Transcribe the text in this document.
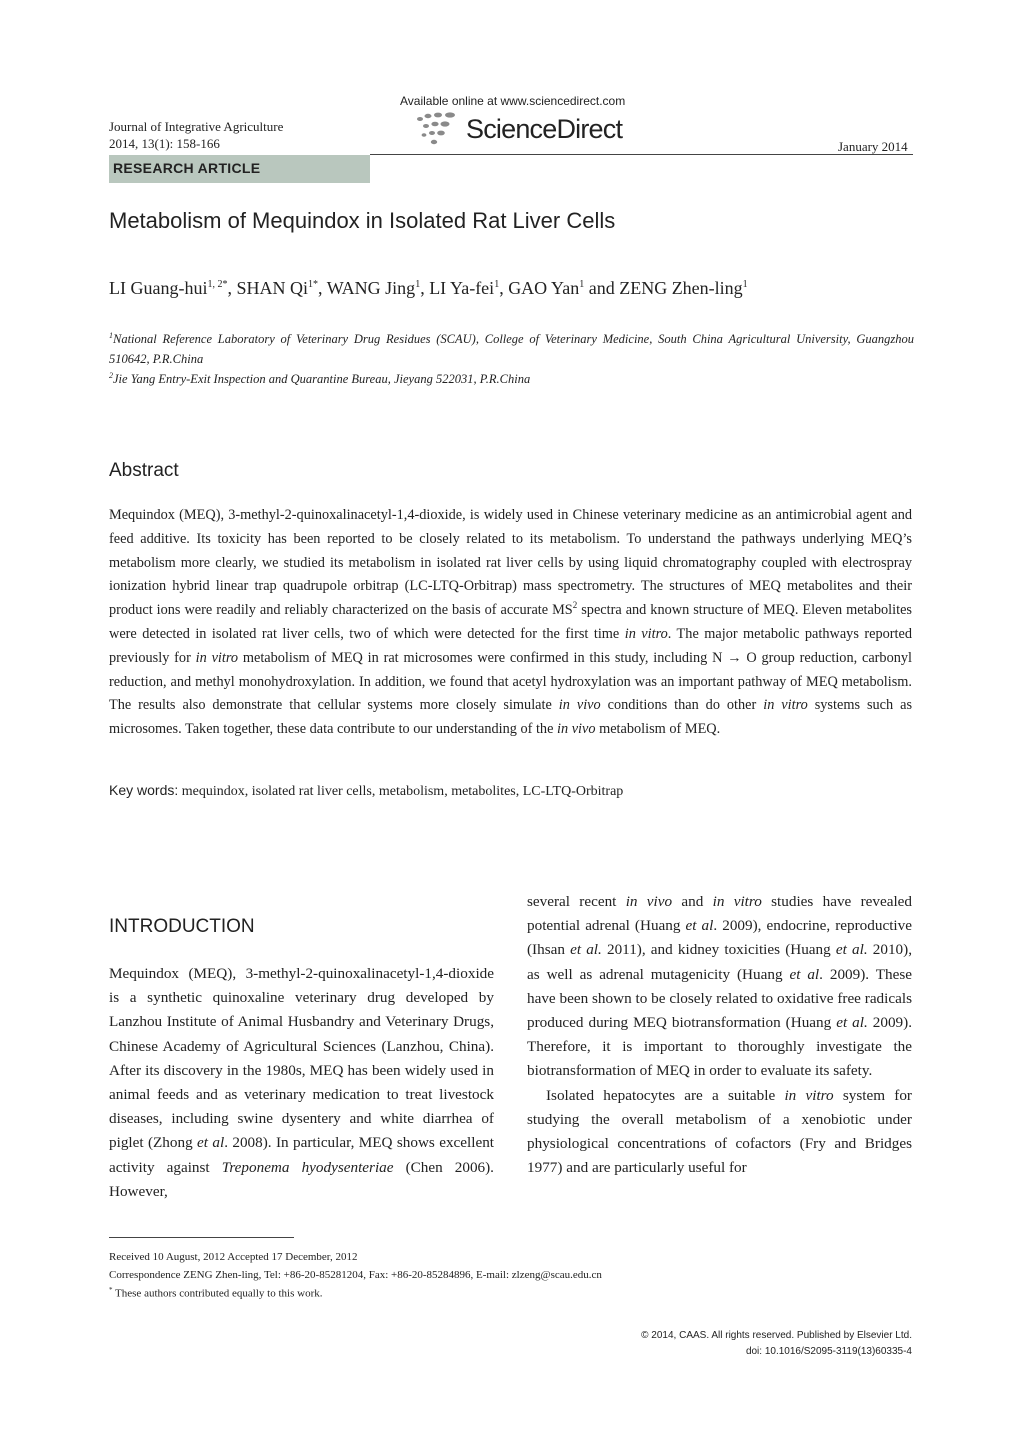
Journal of Integrative Agriculture
2014, 13(1): 158-166
Available online at www.sciencedirect.com
ScienceDirect
January 2014
RESEARCH ARTICLE
Metabolism of Mequindox in Isolated Rat Liver Cells
LI Guang-hui$^{1, 2*}$, SHAN $Qi^{1*}$, WANG Jing$^1$, LI Ya-fei$^1$, GAO Yan$^1$ and ZENG Zhen-ling$^1$
$^1$National Reference Laboratory of Veterinary Drug Residues (SCAU), College of Veterinary Medicine, South China Agricultural University, Guangzhou 510642, P.R.China
$^2$Jie Yang Entry-Exit Inspection and Quarantine Bureau, Jieyang 522031, P.R.China
Abstract
Mequindox (MEQ), 3-methyl-2-quinoxalinacetyl-1,4-dioxide, is widely used in Chinese veterinary medicine as an antimicrobial agent and feed additive. Its toxicity has been reported to be closely related to its metabolism. To understand the pathways underlying MEQ’s metabolism more clearly, we studied its metabolism in isolated rat liver cells by using liquid chromatography coupled with electrospray ionization hybrid linear trap quadrupole orbitrap (LC-LTQ-Orbitrap) mass spectrometry. The structures of MEQ metabolites and their product ions were readily and reliably characterized on the basis of accurate $MS^2$ spectra and known structure of MEQ. Eleven metabolites were detected in isolated rat liver cells, two of which were detected for the first time in vitro. The major metabolic pathways reported previously for in vitro metabolism of MEQ in rat microsomes were confirmed in this study, including N → O group reduction, carbonyl reduction, and methyl monohydroxylation. In addition, we found that acetyl hydroxylation was an important pathway of MEQ metabolism. The results also demonstrate that cellular systems more closely simulate in vivo conditions than do other in vitro systems such as microsomes. Taken together, these data contribute to our understanding of the in vivo metabolism of MEQ.
Key words: mequindox, isolated rat liver cells, metabolism, metabolites, LC-LTQ-Orbitrap
INTRODUCTION
Mequindox (MEQ), 3-methyl-2-quinoxalinacetyl-1,4-dioxide is a synthetic quinoxaline veterinary drug developed by Lanzhou Institute of Animal Husbandry and Veterinary Drugs, Chinese Academy of Agricultural Sciences (Lanzhou, China). After its discovery in the 1980s, MEQ has been widely used in animal feeds and as veterinary medication to treat livestock diseases, including swine dysentery and white diarrhea of piglet (Zhong et al. 2008). In particular, MEQ shows excellent activity against Treponema hyodysenteriae (Chen 2006). However,
several recent in vivo and in vitro studies have revealed potential adrenal (Huang et al. 2009), endocrine, reproductive (Ihsan et al. 2011), and kidney toxicities (Huang et al. 2010), as well as adrenal mutagenicity (Huang et al. 2009). These have been shown to be closely related to oxidative free radicals produced during MEQ biotransformation (Huang et al. 2009). Therefore, it is important to thoroughly investigate the biotransformation of MEQ in order to evaluate its safety.
Isolated hepatocytes are a suitable in vitro system for studying the overall metabolism of a xenobiotic under physiological concentrations of cofactors (Fry and Bridges 1977) and are particularly useful for
Received 10 August, 2012 Accepted 17 December, 2012
Correspondence ZENG Zhen-ling, Tel: +86-20-85281204, Fax: +86-20-85284896, E-mail: zlzeng@scau.edu.cn
* These authors contributed equally to this work.
© 2014, CAAS. All rights reserved. Published by Elsevier Ltd.
doi: 10.1016/S2095-3119(13)60335-4
